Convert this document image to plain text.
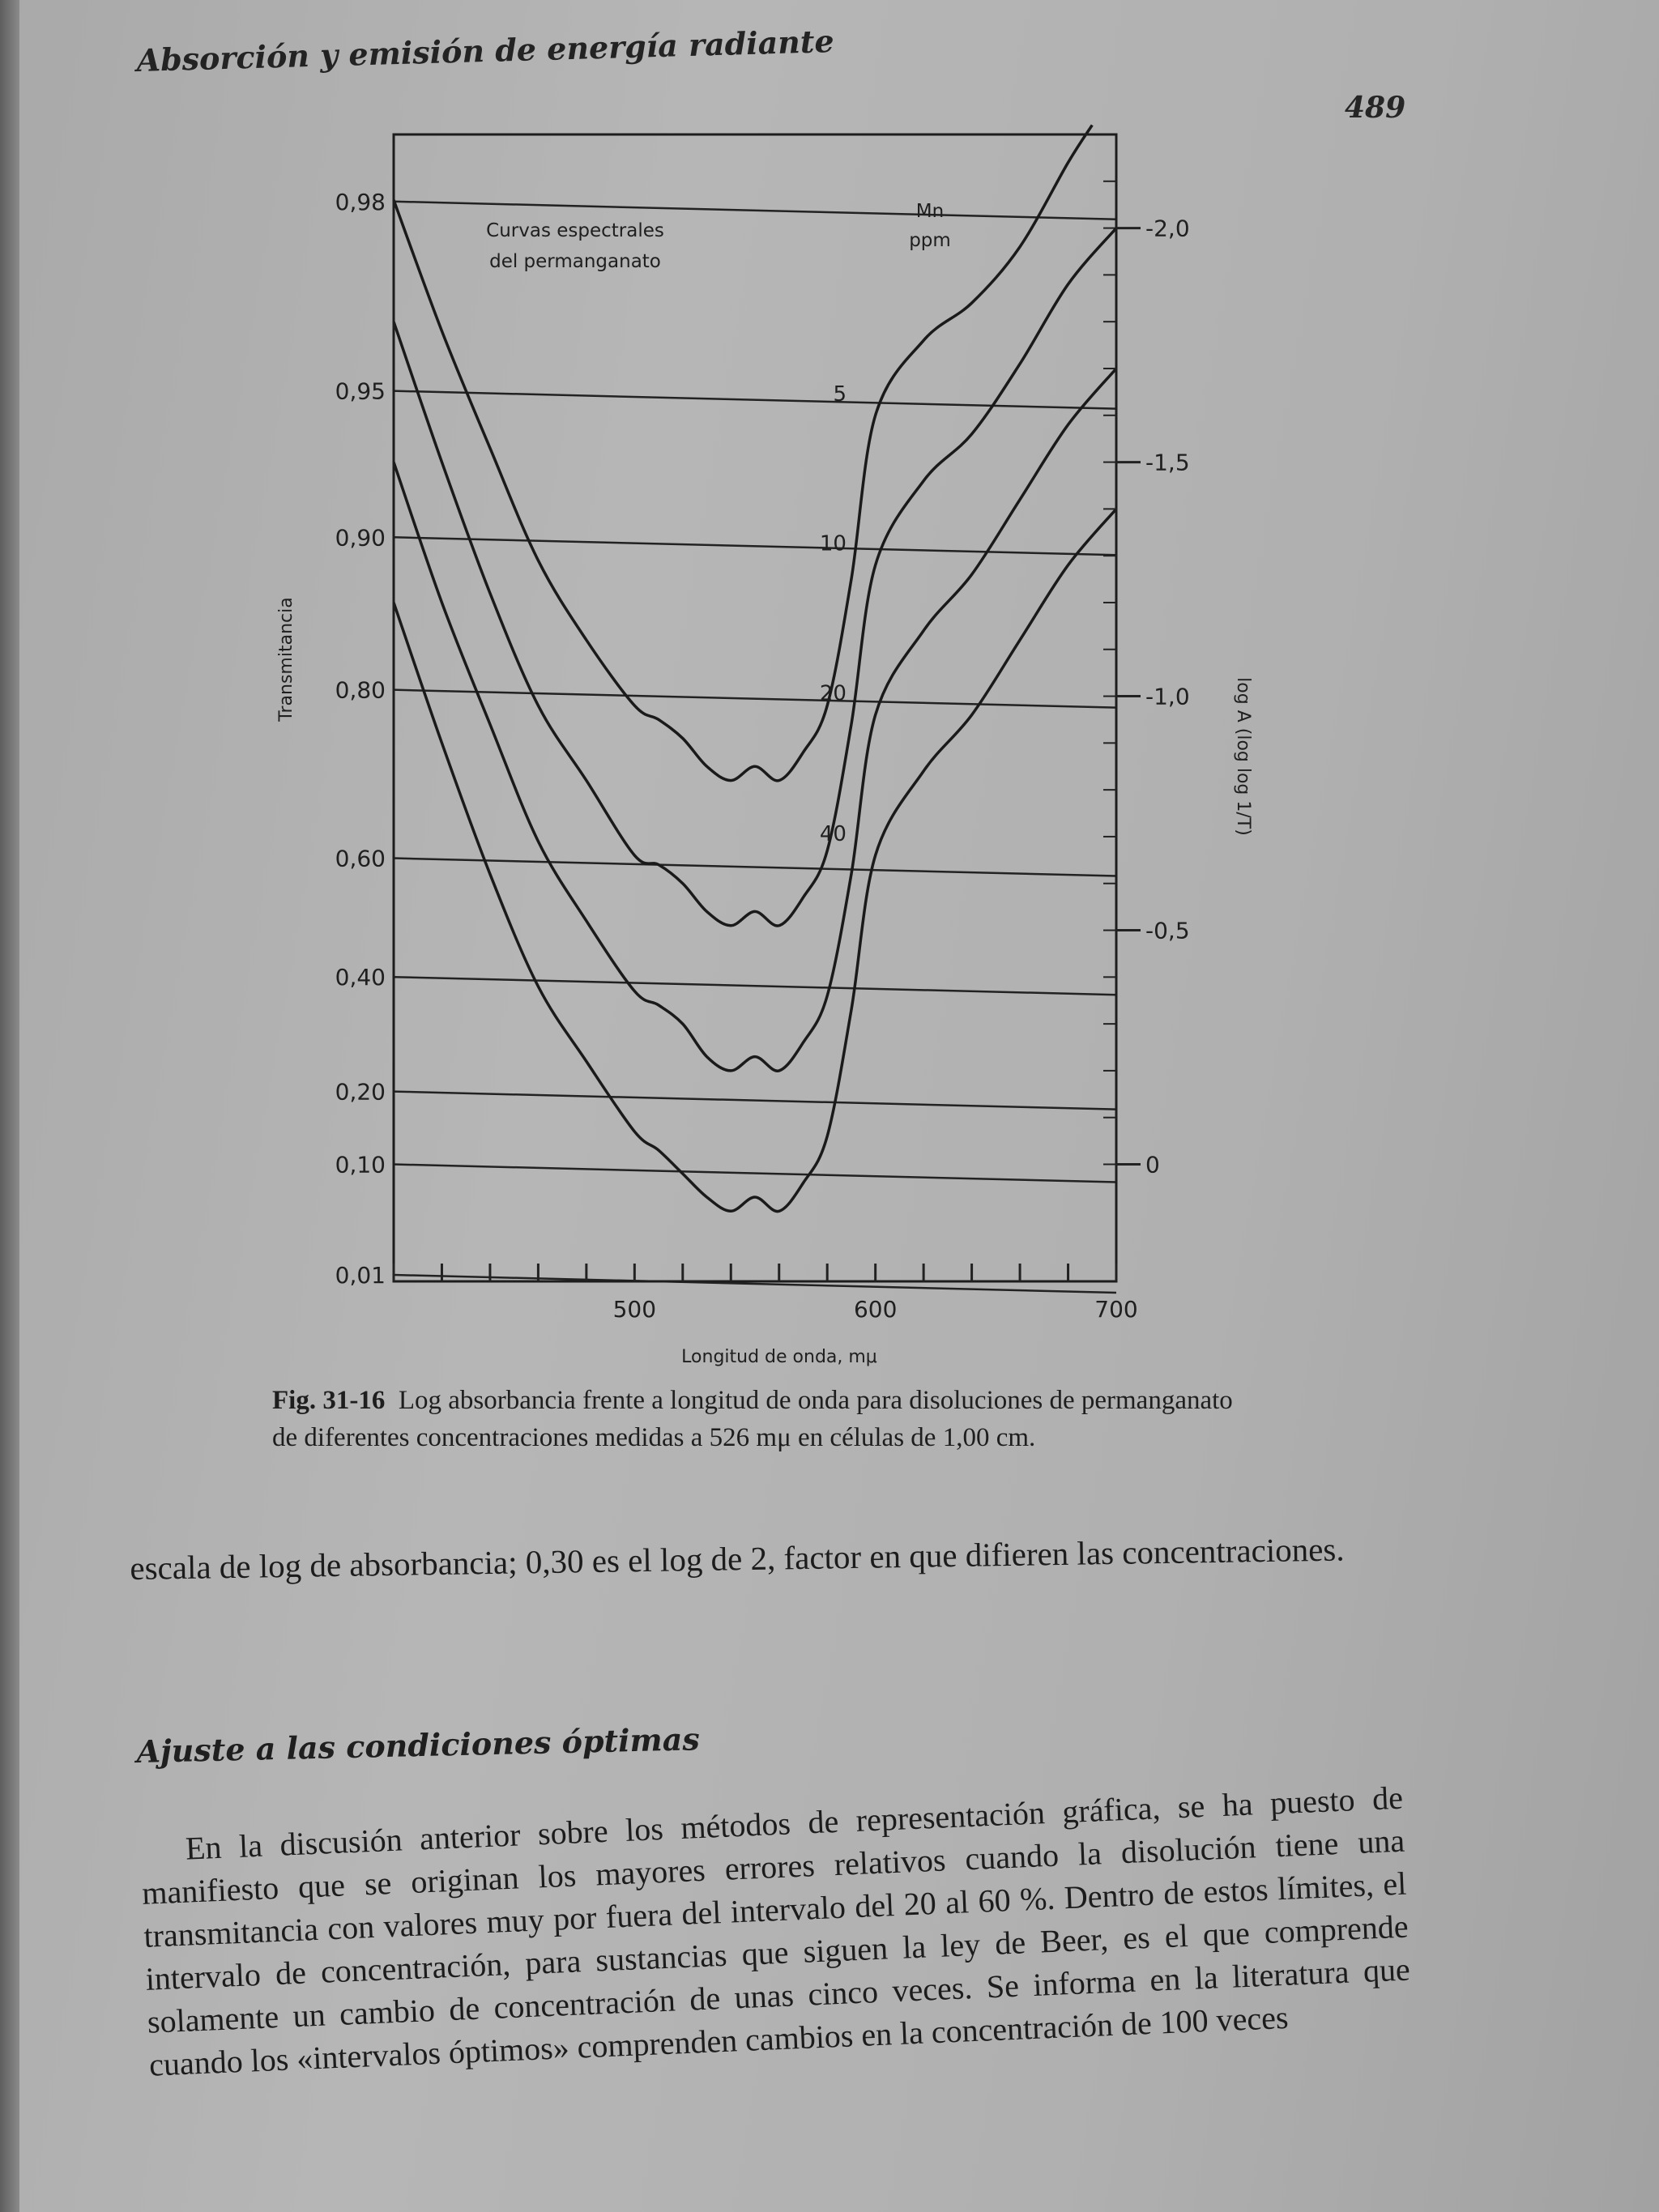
Absorción y emisión de energía radiante
489
5
10
20
40
0,98
0,95
0,90
0,80
0,60
0,40
0,20
0,10
0,01
-2,0
-1,5
-1,0
-0,5
0
500	600	700
Curvas espectrales
del permanganato
Mn
ppm
Longitud de onda, mμ
Transmitancia
log A (log log 1/T)

Fig. 31-16 Log absorbancia frente a longitud de onda para disoluciones de permanganato de diferentes concentraciones medidas a 526 mμ en células de 1,00 cm.

escala de log de absorbancia; 0,30 es el log de 2, factor en que difieren las concentraciones.

Ajuste a las condiciones óptimas

En la discusión anterior sobre los métodos de representación gráfica, se ha puesto de manifiesto que se originan los mayores errores relativos cuando la disolución tiene una transmitancia con valores muy por fuera del intervalo del 20 al 60 %. Dentro de estos límites, el intervalo de concentración, para sustancias que siguen la ley de Beer, es el que comprende solamente un cambio de concentración de unas cinco veces. Se informa en la literatura que cuando los «intervalos óptimos» comprenden cambios en la concentración de 100 veces
